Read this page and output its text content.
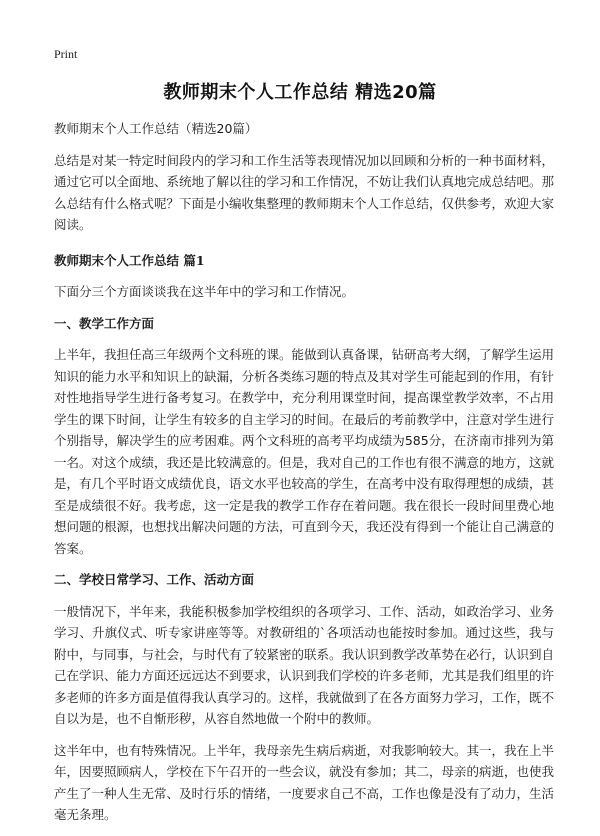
Print
教师期末个人工作总结 精选20篇

教师期末个人工作总结（精选20篇）

总结是对某一特定时间段内的学习和工作生活等表现情况加以回顾和分析的一种书面材料，通过它可以全面地、系统地了解以往的学习和工作情况，不妨让我们认真地完成总结吧。那么总结有什么格式呢？下面是小编收集整理的教师期末个人工作总结，仅供参考，欢迎大家阅读。

教师期末个人工作总结 篇1

下面分三个方面谈谈我在这半年中的学习和工作情况。

一、教学工作方面

上半年，我担任高三年级两个文科班的课。能做到认真备课，钻研高考大纲，了解学生运用知识的能力水平和知识上的缺漏，分析各类练习题的特点及其对学生可能起到的作用，有针对性地指导学生进行备考复习。在教学中，充分利用课堂时间，提高课堂教学效率，不占用学生的课下时间，让学生有较多的自主学习的时间。在最后的考前教学中，注意对学生进行个别指导，解决学生的应考困难。两个文科班的高考平均成绩为585分，在济南市排列为第一名。对这个成绩，我还是比较满意的。但是，我对自己的工作也有很不满意的地方，这就是，有几个平时语文成绩优良，语文水平也较高的学生，在高考中没有取得理想的成绩，甚至是成绩很不好。我考虑，这一定是我的教学工作存在着问题。我在很长一段时间里费心地想问题的根源，也想找出解决问题的方法，可直到今天，我还没有得到一个能让自己满意的答案。

二、学校日常学习、工作、活动方面

一般情况下，半年来，我能积极参加学校组织的各项学习、工作、活动，如政治学习、业务学习、升旗仪式、听专家讲座等等。对教研组的`各项活动也能按时参加。通过这些，我与附中，与同事，与社会，与时代有了较紧密的联系。我认识到教学改革势在必行，认识到自己在学识、能力方面还远远达不到要求，认识到我们学校的许多老师，尤其是我们组里的许多老师的许多方面是值得我认真学习的。这样，我就做到了在各方面努力学习，工作，既不自以为是，也不自惭形秽，从容自然地做一个附中的教师。

这半年中，也有特殊情况。上半年，我母亲先生病后病逝，对我影响较大。其一，我在上半年，因要照顾病人，学校在下午召开的一些会议，就没有参加；其二，母亲的病逝，也使我产生了一种人生无常、及时行乐的情绪，一度要求自己不高，工作也像是没有了动力，生活毫无条理。
